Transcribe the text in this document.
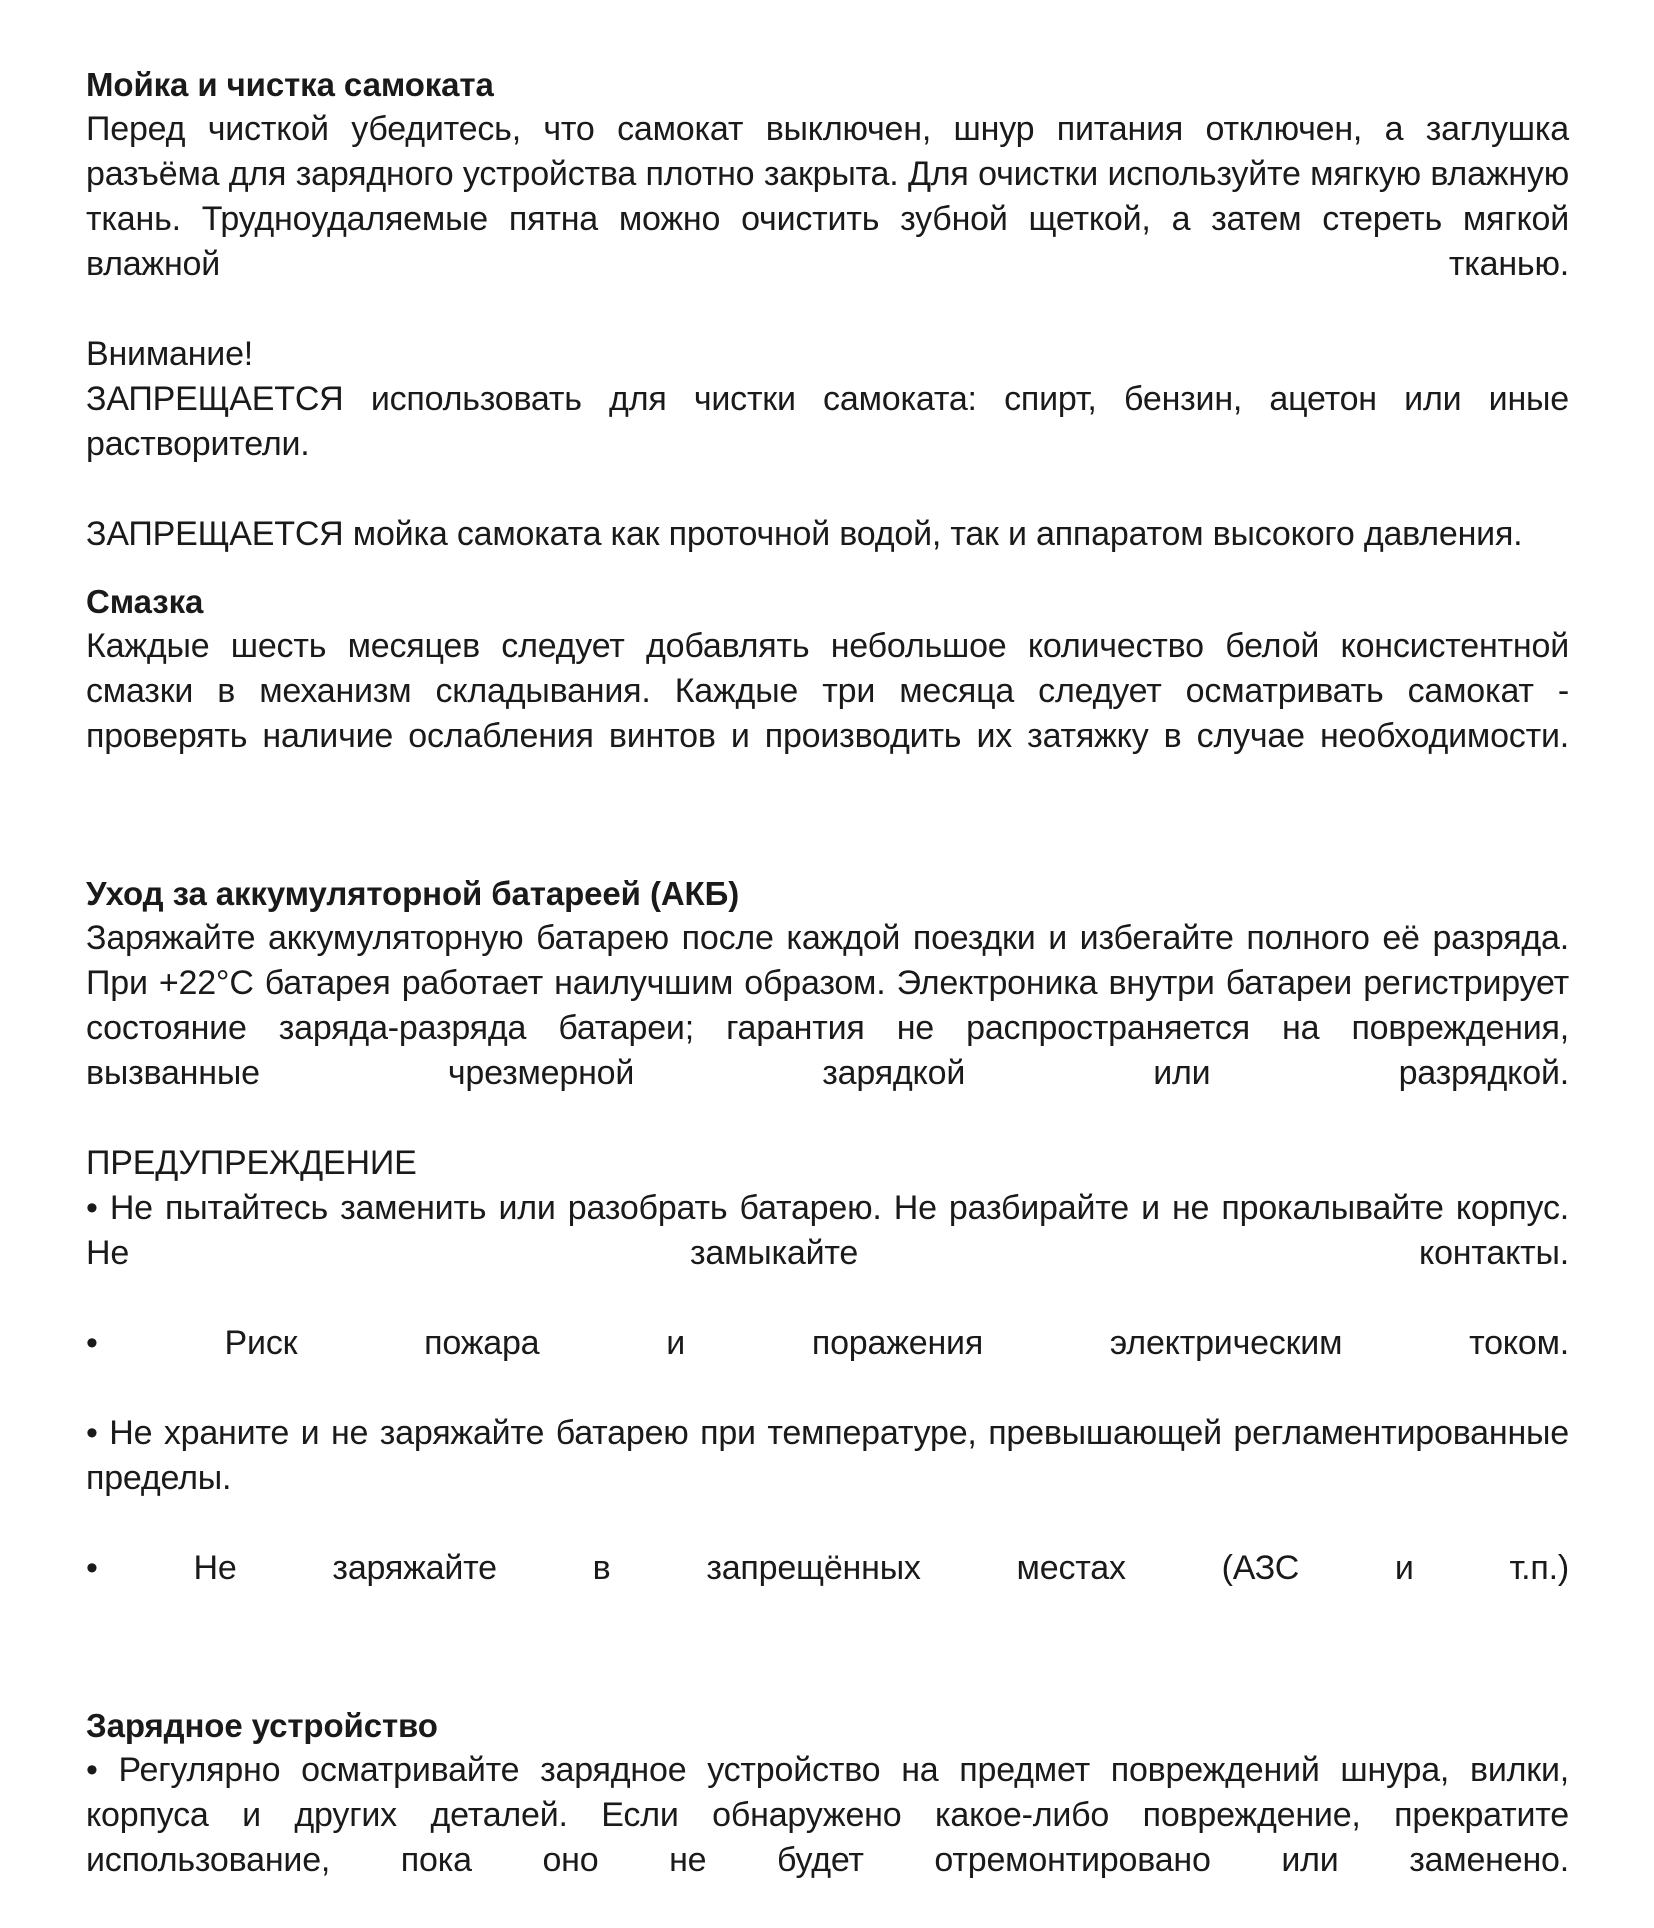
Мойка и чистка самоката

Перед чисткой убедитесь, что самокат выключен, шнур питания отключен, а заглушка разъёма для зарядного устройства плотно закрыта. Для очистки используйте мягкую влажную ткань. Труднoудаляемые пятна можно очистить зубной щеткой, а затем стереть мягкой влажной тканью.

Внимание!

ЗАПРЕЩАЕТСЯ использовать для чистки самоката: спирт, бензин, ацетон или иные растворители.

ЗАПРЕЩАЕТСЯ мойка самоката как проточной водой, так и аппаратом высокого давления.

Смазка

Каждые шесть месяцев следует добавлять небольшое количество белой консистентной смазки в механизм складывания. Каждые три месяца следует осматривать самокат - проверять наличие ослабления винтов и производить их затяжку в случае необходимости.

Уход за аккумуляторной батареей (АКБ)

Заряжайте аккумуляторную батарею после каждой поездки и избегайте полного её разряда. При +22°C батарея работает наилучшим образом. Электроника внутри батареи регистрирует состояние заряда-разряда батареи; гарантия не распространяется на повреждения, вызванные чрезмерной зарядкой или разрядкой.

ПРЕДУПРЕЖДЕНИЕ

• Не пытайтесь заменить или разобрать батарею. Не разбирайте и не прокалывайте корпус. Не замыкайте контакты.

• Риск пожара и поражения электрическим током.

• Не храните и не заряжайте батарею при температуре, превышающей регламентированные пределы.

• Не заряжайте в запрещённых местах (АЗС и т.п.)

Зарядное устройство

• Регулярно осматривайте зарядное устройство на предмет повреждений шнура, вилки, корпуса и других деталей. Если обнаружено какое-либо повреждение, прекратите использование, пока оно не будет отремонтировано или заменено.
